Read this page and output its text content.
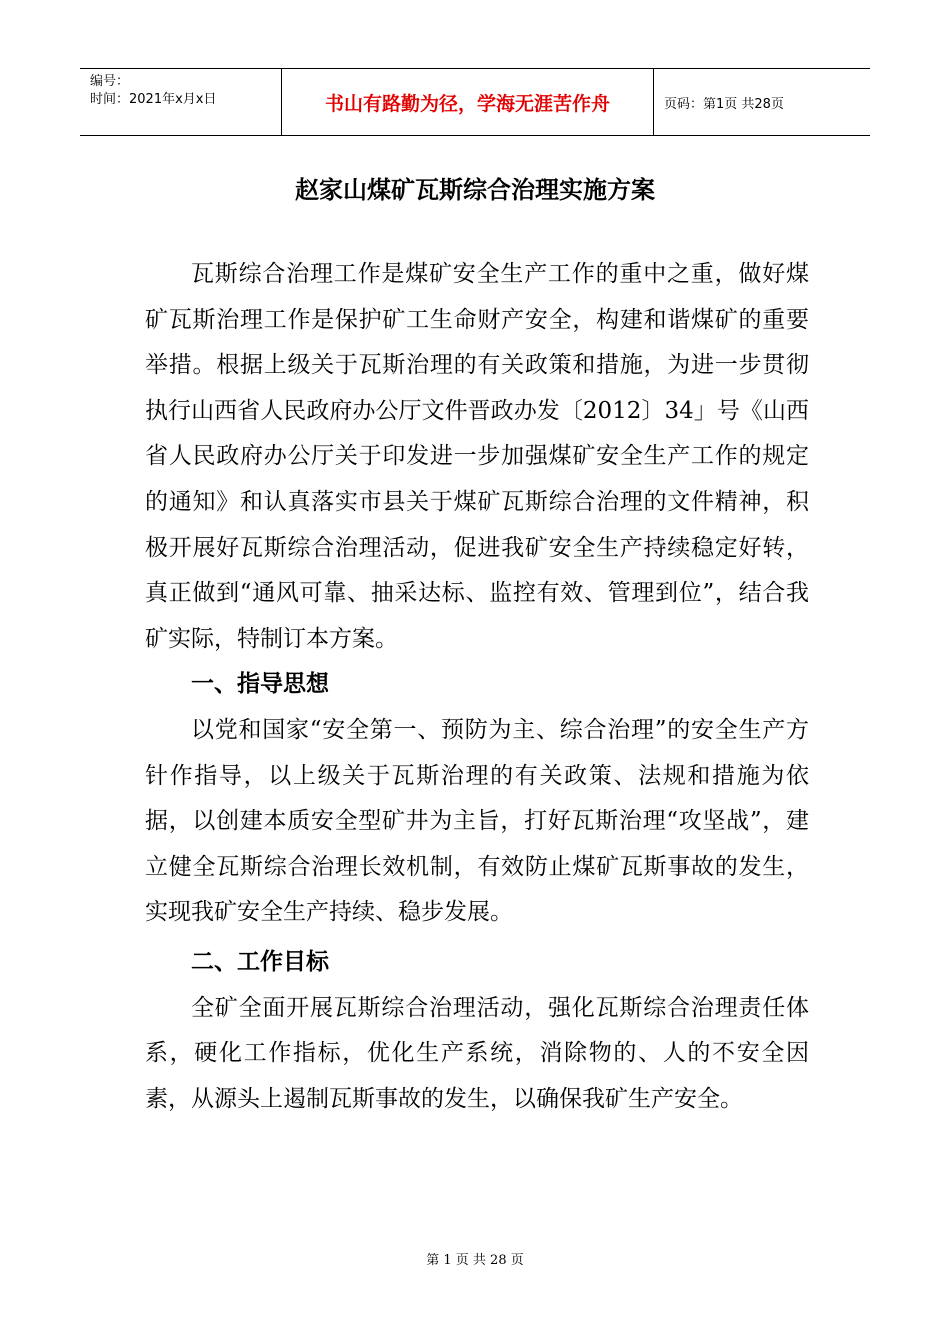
编号：
时间：2021年x月x日	书山有路勤为径，学海无涯苦作舟	页码：第1页 共28页
赵家山煤矿瓦斯综合治理实施方案

瓦斯综合治理工作是煤矿安全生产工作的重中之重，做好煤矿瓦斯治理工作是保护矿工生命财产安全，构建和谐煤矿的重要举措。根据上级关于瓦斯治理的有关政策和措施，为进一步贯彻执行山西省人民政府办公厅文件晋政办发〔2012〕34」号《山西省人民政府办公厅关于印发进一步加强煤矿安全生产工作的规定的通知》和认真落实市县关于煤矿瓦斯综合治理的文件精神，积极开展好瓦斯综合治理活动，促进我矿安全生产持续稳定好转，真正做到“通风可靠、抽采达标、监控有效、管理到位”，结合我矿实际，特制订本方案。

一、指导思想

以党和国家“安全第一、预防为主、综合治理”的安全生产方针作指导，以上级关于瓦斯治理的有关政策、法规和措施为依据，以创建本质安全型矿井为主旨，打好瓦斯治理“攻坚战”，建立健全瓦斯综合治理长效机制，有效防止煤矿瓦斯事故的发生，实现我矿安全生产持续、稳步发展。

二、工作目标

全矿全面开展瓦斯综合治理活动，强化瓦斯综合治理责任体系，硬化工作指标，优化生产系统，消除物的、人的不安全因素，从源头上遏制瓦斯事故的发生，以确保我矿生产安全。

第 1 页 共 28 页
